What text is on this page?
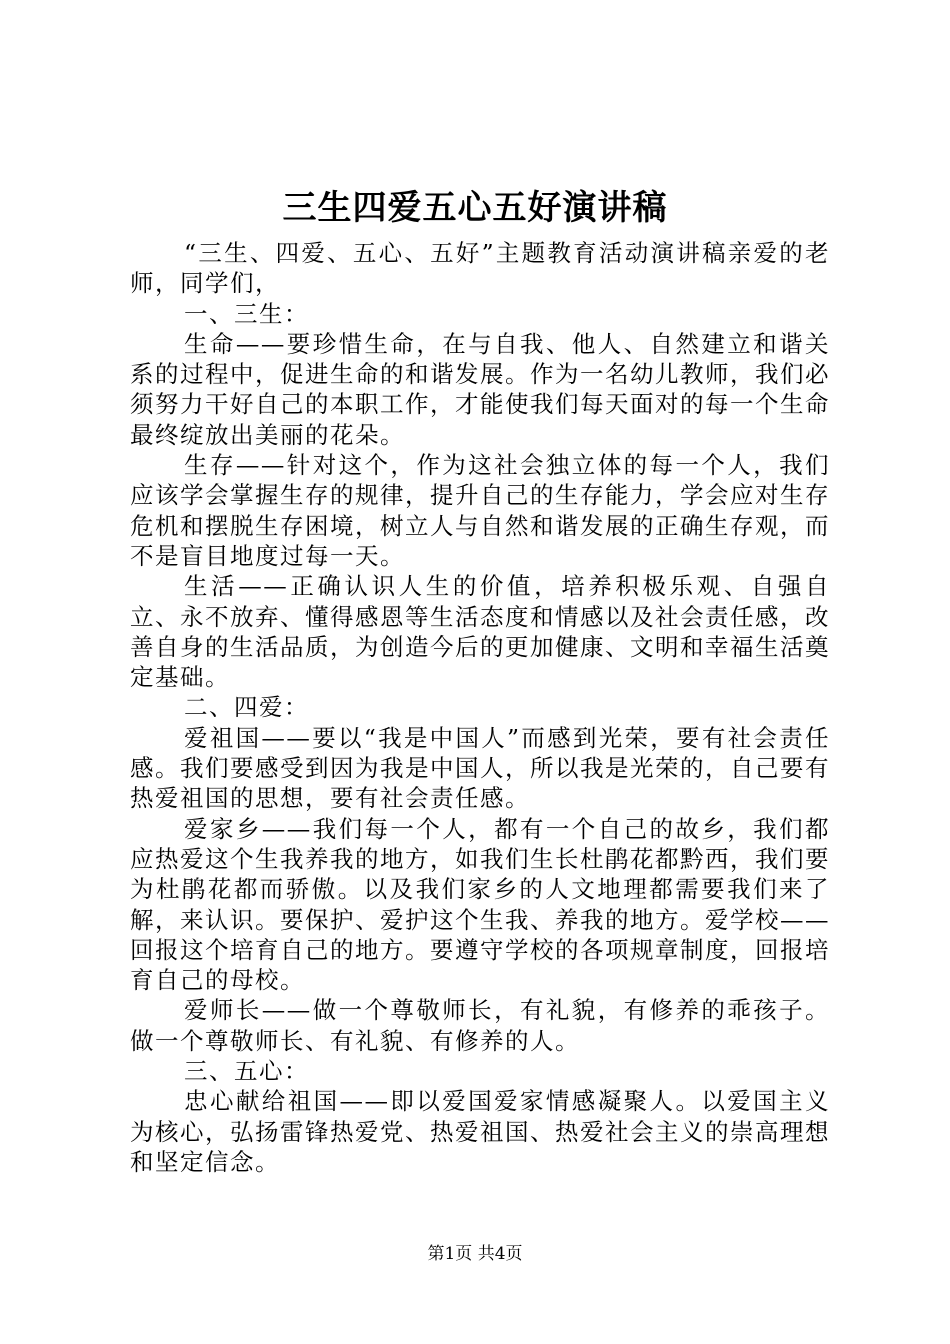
三生四爱五心五好演讲稿

“三生、四爱、五心、五好”主题教育活动演讲稿亲爱的老师，同学们，

一、三生：

生命——要珍惜生命，在与自我、他人、自然建立和谐关系的过程中，促进生命的和谐发展。作为一名幼儿教师，我们必须努力干好自己的本职工作，才能使我们每天面对的每一个生命最终绽放出美丽的花朵。

生存——针对这个，作为这社会独立体的每一个人，我们应该学会掌握生存的规律，提升自己的生存能力，学会应对生存危机和摆脱生存困境，树立人与自然和谐发展的正确生存观，而不是盲目地度过每一天。

生活——正确认识人生的价值，培养积极乐观、自强自立、永不放弃、懂得感恩等生活态度和情感以及社会责任感，改善自身的生活品质，为创造今后的更加健康、文明和幸福生活奠定基础。

二、四爱：

爱祖国——要以“我是中国人”而感到光荣，要有社会责任感。我们要感受到因为我是中国人，所以我是光荣的，自己要有热爱祖国的思想，要有社会责任感。

爱家乡——我们每一个人，都有一个自己的故乡，我们都应热爱这个生我养我的地方，如我们生长杜鹃花都黔西，我们要为杜鹃花都而骄傲。以及我们家乡的人文地理都需要我们来了解，来认识。要保护、爱护这个生我、养我的地方。爱学校——回报这个培育自己的地方。要遵守学校的各项规章制度，回报培育自己的母校。

爱师长——做一个尊敬师长，有礼貌，有修养的乖孩子。做一个尊敬师长、有礼貌、有修养的人。

三、五心：

忠心献给祖国——即以爱国爱家情感凝聚人。以爱国主义为核心，弘扬雷锋热爱党、热爱祖国、热爱社会主义的崇高理想和坚定信念。

第1页 共4页
